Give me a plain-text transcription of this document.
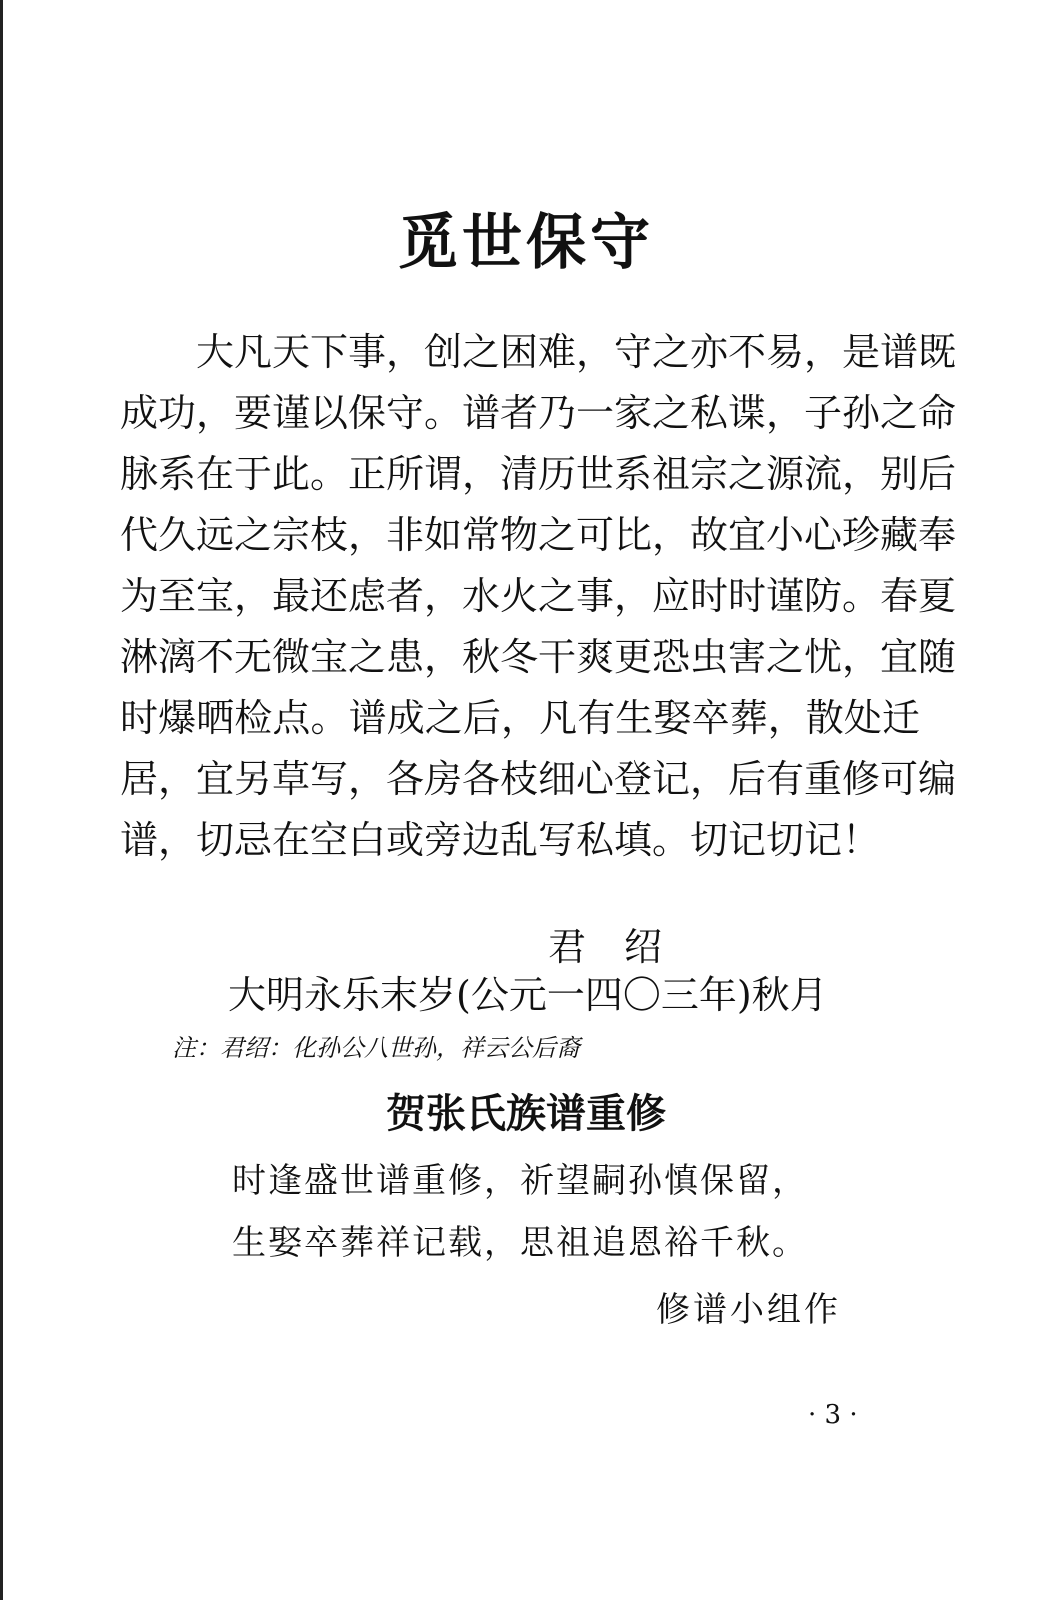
觅世保守
大凡天下事，创之困难，守之亦不易，是谱既
成功，要谨以保守。谱者乃一家之私谍，子孙之命
脉系在于此。正所谓，清历世系祖宗之源流，别后
代久远之宗枝，非如常物之可比，故宜小心珍藏奉
为至宝，最还虑者，水火之事，应时时谨防。春夏
淋漓不无微宝之患，秋冬干爽更恐虫害之忧，宜随
时爆晒检点。谱成之后，凡有生娶卒葬，散处迁
居，宜另草写，各房各枝细心登记，后有重修可编
谱，切忌在空白或旁边乱写私填。切记切记！
君　绍
大明永乐末岁(公元一四〇三年)秋月
注：君绍：化孙公八世孙，祥云公后裔
贺张氏族谱重修
时逢盛世谱重修，祈望嗣孙慎保留，
生娶卒葬祥记载，思祖追恩裕千秋。
修谱小组作
· 3 ·
